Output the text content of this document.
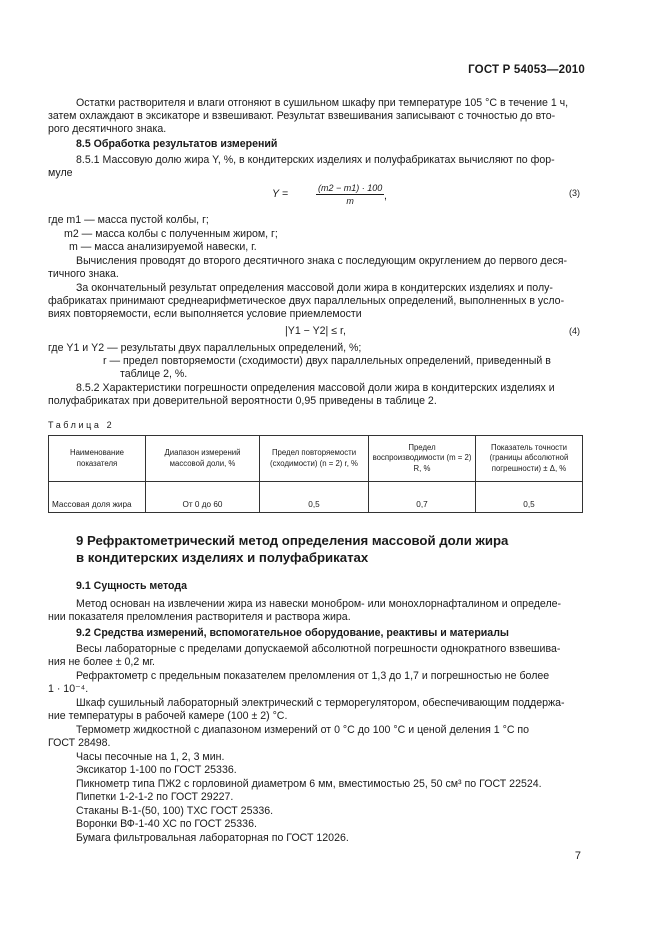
ГОСТ Р 54053—2010
Остатки растворителя и влаги отгоняют в сушильном шкафу при температуре 105 °С в течение 1 ч,
затем охлаждают в эксикаторе и взвешивают. Результат взвешивания записывают с точностью до вто-
рого десятичного знака.
8.5 Обработка результатов измерений
8.5.1 Массовую долю жира Y, %, в кондитерских изделиях и полуфабрикатах вычисляют по фор-
муле
Y =	$\frac{(m2 - m1) \cdot 100}{m}$ ,	(3)
где m1 — масса пустой колбы, г;
m2 — масса колбы с полученным жиром, г;
m — масса анализируемой навески, г.
Вычисления проводят до второго десятичного знака с последующим округлением до первого деся-
тичного знака.
За окончательный результат определения массовой доли жира в кондитерских изделиях и полу-
фабрикатах принимают среднеарифметическое двух параллельных определений, выполненных в усло-
виях повторяемости, если выполняется условие приемлемости
|Y1 − Y2| ≤ r,	(4)
где Y1 и Y2 — результаты двух параллельных определений, %;
r — предел повторяемости (сходимости) двух параллельных определений, приведенный в
таблице 2, %.
8.5.2 Характеристики погрешности определения массовой доли жира в кондитерских изделиях и
полуфабрикатах при доверительной вероятности 0,95 приведены в таблице 2.
Таблица 2
Наименование показателя	Диапазон измерений массовой доли, %	Предел повторяемости (сходимости) (n = 2) r, %	Предел воспроизводимости (m = 2) R, %	Показатель точности (границы абсолютной погрешности) ± Δ, %
Массовая доля жира	От 0 до 60	0,5	0,7	0,5
9 Рефрактометрический метод определения массовой доли жира
в кондитерских изделиях и полуфабрикатах
9.1 Сущность метода
Метод основан на извлечении жира из навески монобром- или монохлорнафталином и определе-
нии показателя преломления растворителя и раствора жира.
9.2 Средства измерений, вспомогательное оборудование, реактивы и материалы
Весы лабораторные с пределами допускаемой абсолютной погрешности однократного взвешива-
ния не более ± 0,2 мг.
Рефрактометр с предельным показателем преломления от 1,3 до 1,7 и погрешностью не более
1 · 10⁻⁴.
Шкаф сушильный лабораторный электрический с терморегулятором, обеспечивающим поддержа-
ние температуры в рабочей камере (100 ± 2) °С.
Термометр жидкостной с диапазоном измерений от 0 °С до 100 °С и ценой деления 1 °С по
ГОСТ 28498.
Часы песочные на 1, 2, 3 мин.
Эксикатор 1-100 по ГОСТ 25336.
Пикнометр типа ПЖ2 с горловиной диаметром 6 мм, вместимостью 25, 50 см³ по ГОСТ 22524.
Пипетки 1-2-1-2 по ГОСТ 29227.
Стаканы В-1-(50, 100) ТХС ГОСТ 25336.
Воронки ВФ-1-40 ХС по ГОСТ 25336.
Бумага фильтровальная лабораторная по ГОСТ 12026.
7
